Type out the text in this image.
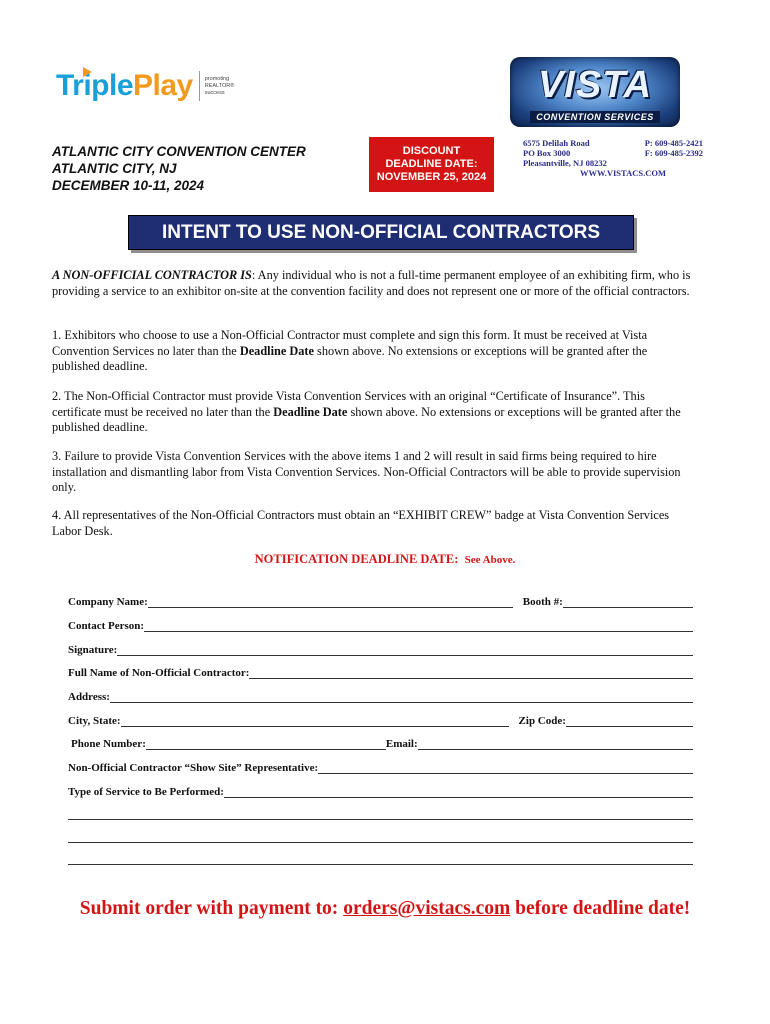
TriplePlay promoting
REALTOR®
success	VISTA
CONVENTION SERVICES
ATLANTIC CITY CONVENTION CENTER
ATLANTIC CITY, NJ
DECEMBER 10-11, 2024
DISCOUNT
DEADLINE DATE:
NOVEMBER 25, 2024
6575 Delilah Road	P: 609-485-2421
PO Box 3000	F: 609-485-2392
Pleasantville, NJ 08232
WWW.VISTACS.COM
INTENT TO USE NON-OFFICIAL CONTRACTORS
A NON-OFFICIAL CONTRACTOR IS: Any individual who is not a full-time permanent employee of an exhibiting firm, who is providing a service to an exhibitor on-site at the convention facility and does not represent one or more of the official contractors.
1. Exhibitors who choose to use a Non-Official Contractor must complete and sign this form. It must be received at Vista Convention Services no later than the Deadline Date shown above. No extensions or exceptions will be granted after the published deadline.
2. The Non-Official Contractor must provide Vista Convention Services with an original “Certificate of Insurance”. This certificate must be received no later than the Deadline Date shown above. No extensions or exceptions will be granted after the published deadline.
3. Failure to provide Vista Convention Services with the above items 1 and 2 will result in said firms being required to hire installation and dismantling labor from Vista Convention Services. Non-Official Contractors will be able to provide supervision only.
4. All representatives of the Non-Official Contractors must obtain an “EXHIBIT CREW” badge at Vista Convention Services Labor Desk.
NOTIFICATION DEADLINE DATE: See Above.
Company Name:	Booth #:
Contact Person:
Signature:
Full Name of Non-Official Contractor:
Address:
City, State:	Zip Code:
Phone Number:	Email:
Non-Official Contractor “Show Site” Representative:
Type of Service to Be Performed:
Submit order with payment to: orders@vistacs.com before deadline date!
